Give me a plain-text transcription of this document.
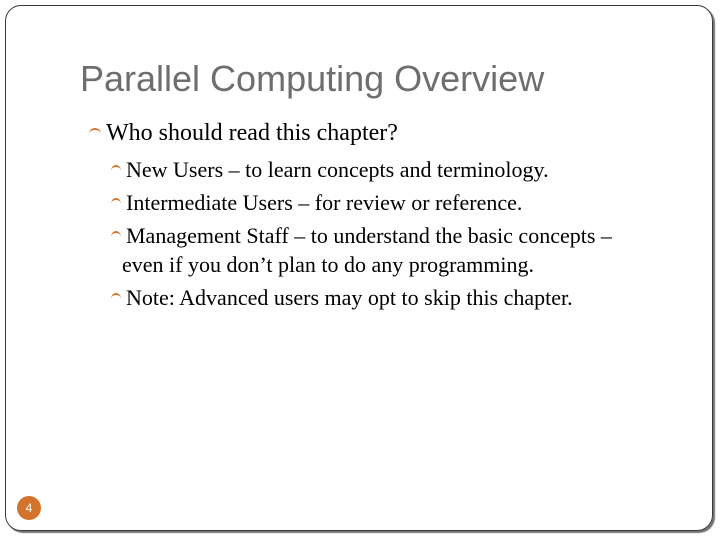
Parallel Computing Overview
Who should read this chapter?
New Users – to learn concepts and terminology.
Intermediate Users – for review or reference.
Management Staff – to understand the basic concepts –
even if you don’t plan to do any programming.
Note: Advanced users may opt to skip this chapter.
4
